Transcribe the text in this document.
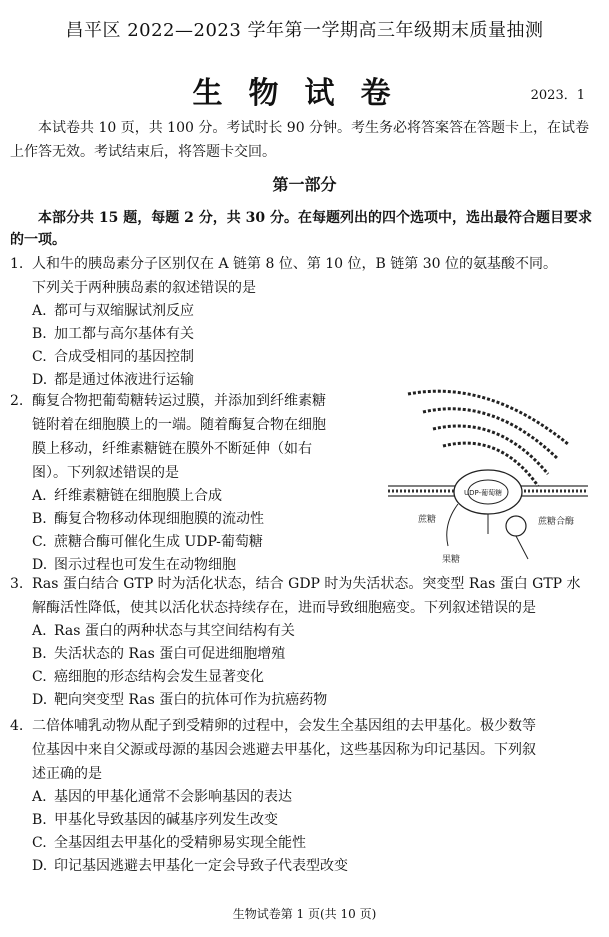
昌平区 2022—2023 学年第一学期高三年级期末质量抽测
生物试卷	2023．1
本试卷共 10 页，共 100 分。考试时长 90 分钟。考生务必将答案答在答题卡上，在试卷上作答无效。考试结束后，将答题卡交回。
第一部分
本部分共 15 题，每题 2 分，共 30 分。在每题列出的四个选项中，选出最符合题目要求的一项。
1. 人和牛的胰岛素分子区别仅在 A 链第 8 位、第 10 位，B 链第 30 位的氨基酸不同。
下列关于两种胰岛素的叙述错误的是
A. 都可与双缩脲试剂反应
B. 加工都与高尔基体有关
C. 合成受相同的基因控制
D. 都是通过体液进行运输
2. 酶复合物把葡萄糖转运过膜，并添加到纤维素糖
链附着在细胞膜上的一端。随着酶复合物在细胞
膜上移动，纤维素糖链在膜外不断延伸（如右
图）。下列叙述错误的是
A. 纤维素糖链在细胞膜上合成
B. 酶复合物移动体现细胞膜的流动性
C. 蔗糖合酶可催化生成 UDP-葡萄糖
D. 图示过程也可发生在动物细胞
蔗糖
UDP-葡萄糖
蔗糖合酶
果糖
3. Ras 蛋白结合 GTP 时为活化状态，结合 GDP 时为失活状态。突变型 Ras 蛋白 GTP 水
解酶活性降低，使其以活化状态持续存在，进而导致细胞癌变。下列叙述错误的是
A. Ras 蛋白的两种状态与其空间结构有关
B. 失活状态的 Ras 蛋白可促进细胞增殖
C. 癌细胞的形态结构会发生显著变化
D. 靶向突变型 Ras 蛋白的抗体可作为抗癌药物
4. 二倍体哺乳动物从配子到受精卵的过程中，会发生全基因组的去甲基化。极少数等
位基因中来自父源或母源的基因会逃避去甲基化，这些基因称为印记基因。下列叙
述正确的是
A. 基因的甲基化通常不会影响基因的表达
B. 甲基化导致基因的碱基序列发生改变
C. 全基因组去甲基化的受精卵易实现全能性
D. 印记基因逃避去甲基化一定会导致子代表型改变
生物试卷第 1 页(共 10 页)
